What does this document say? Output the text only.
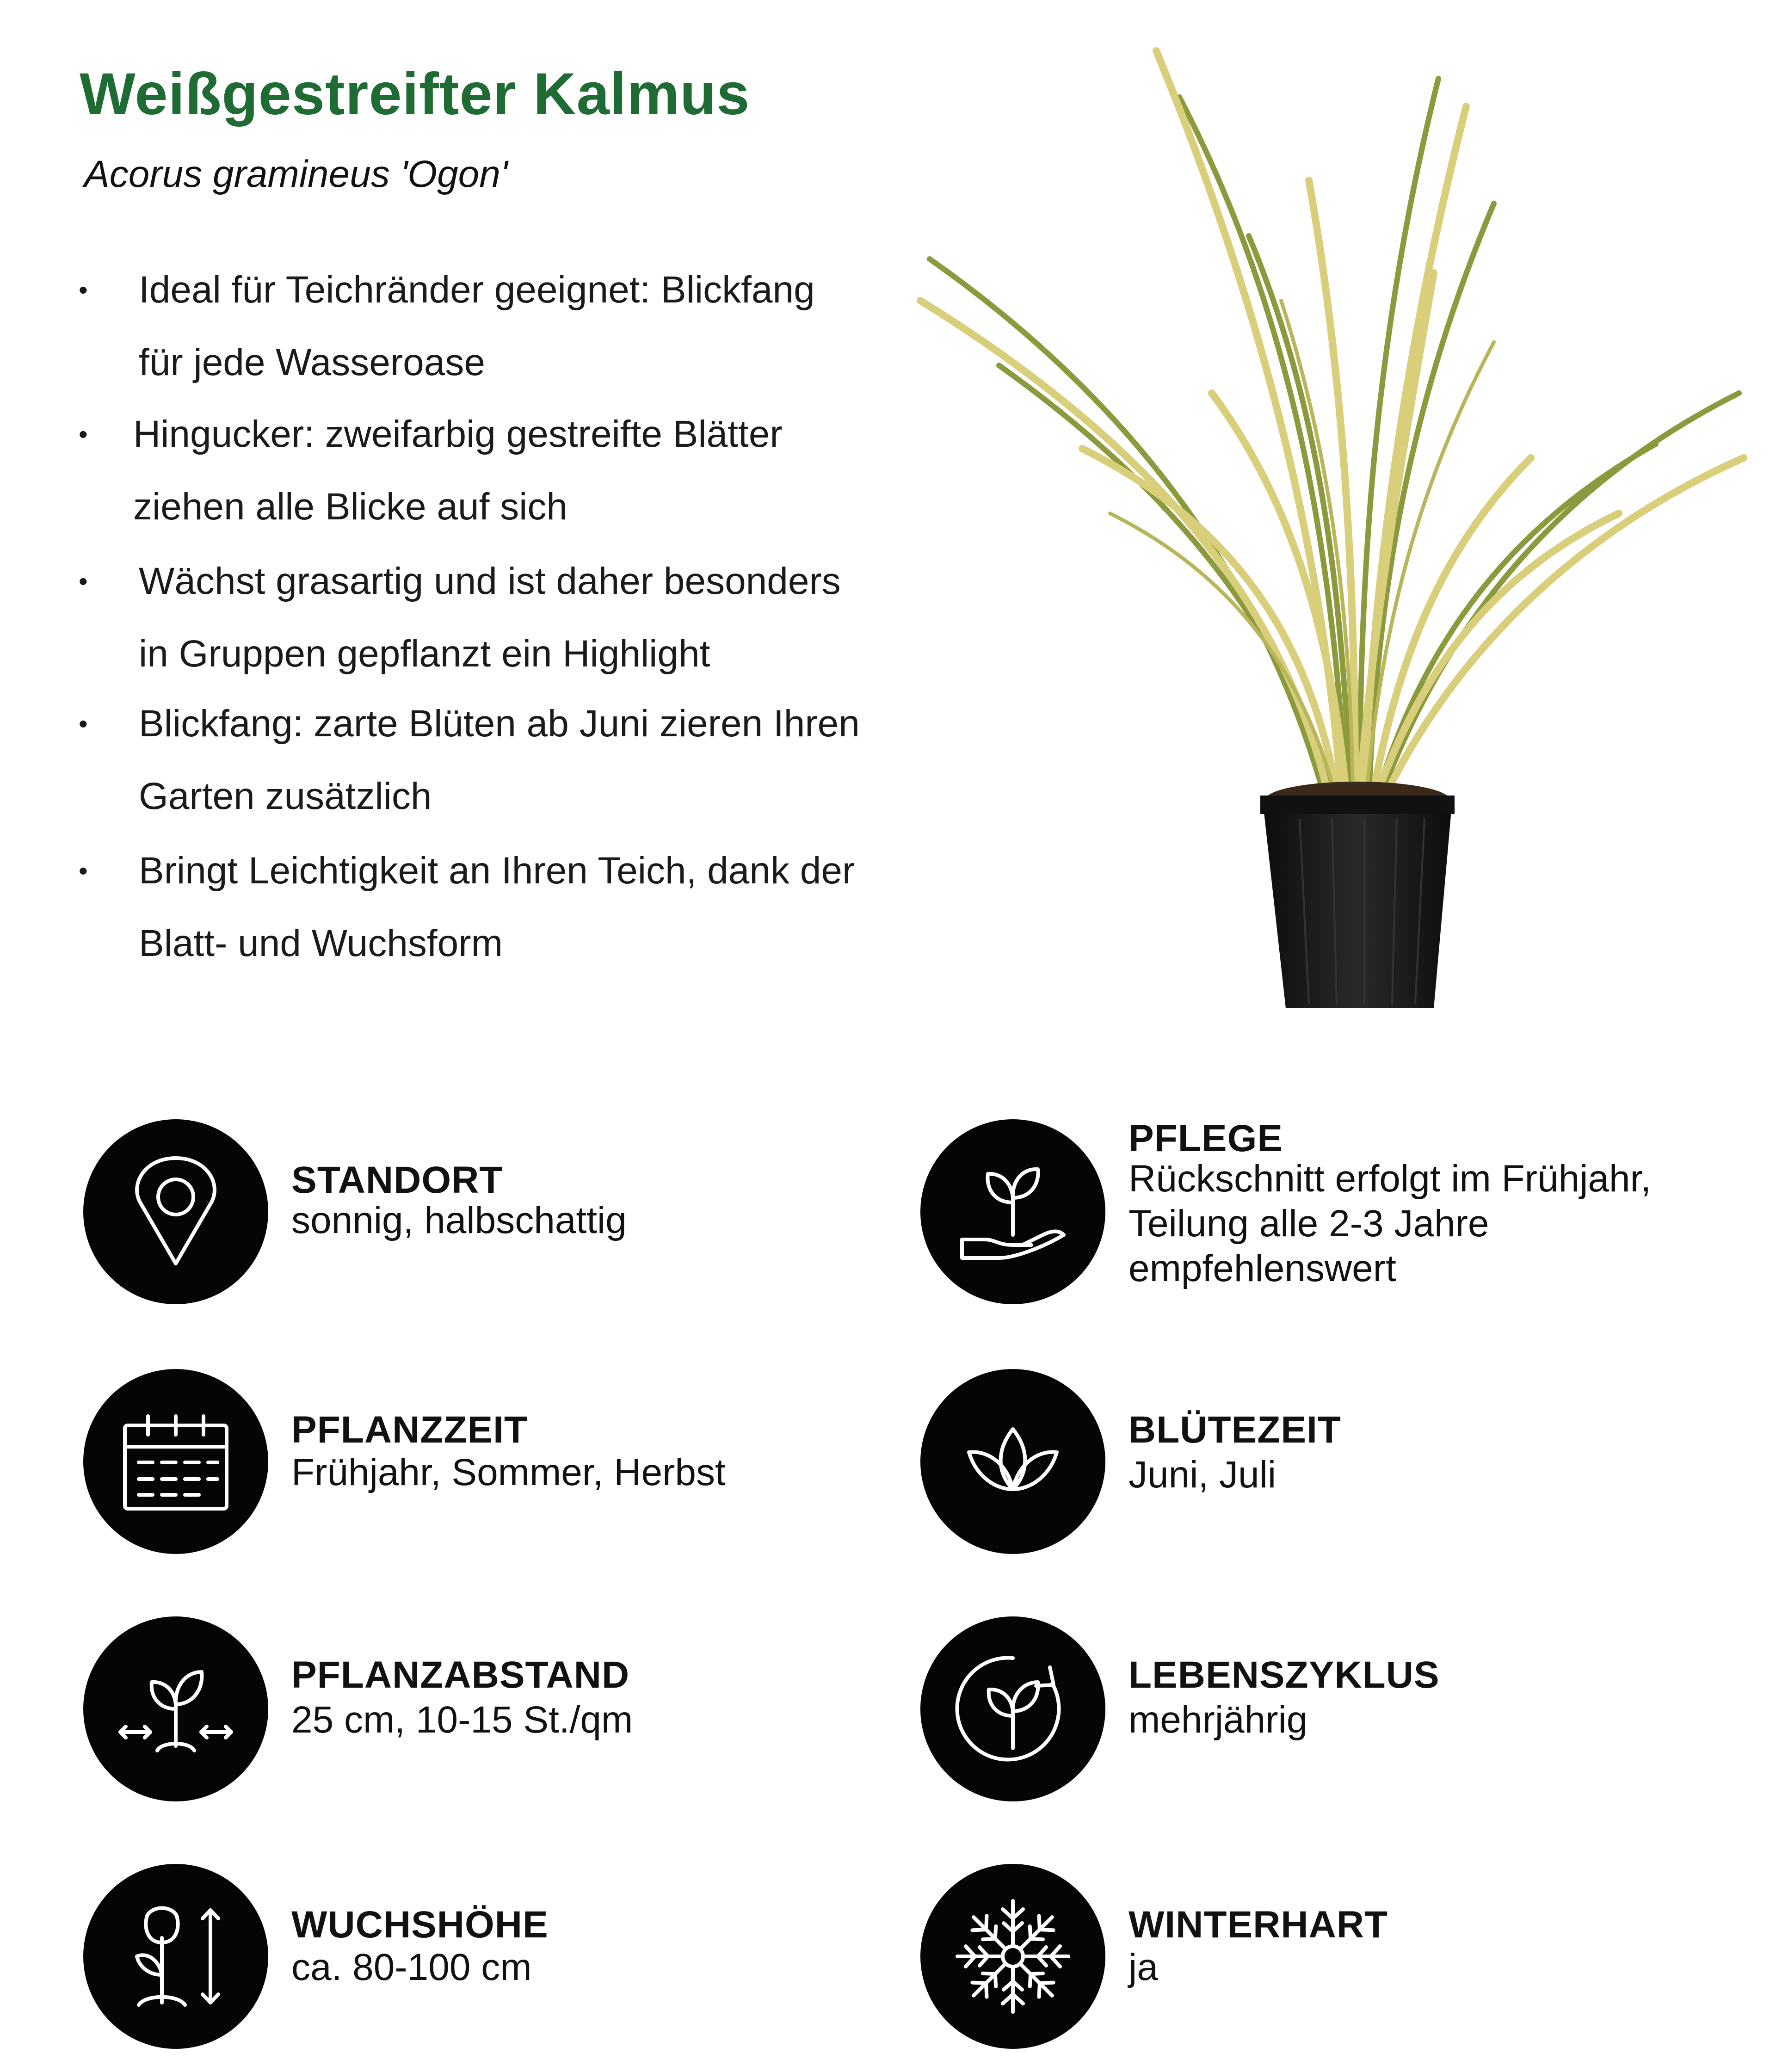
Weißgestreifter Kalmus
Acorus gramineus 'Ogon'
• Ideal für Teichränder geeignet: Blickfang
für jede Wasseroase
• Hingucker: zweifarbig gestreifte Blätter
ziehen alle Blicke auf sich
• Wächst grasartig und ist daher besonders
in Gruppen gepflanzt ein Highlight
• Blickfang: zarte Blüten ab Juni zieren Ihren
Garten zusätzlich
• Bringt Leichtigkeit an Ihren Teich, dank der
Blatt- und Wuchsform
STANDORT
sonnig, halbschattig
PFLEGE
Rückschnitt erfolgt im Frühjahr,
Teilung alle 2-3 Jahre
empfehlenswert
PFLANZZEIT
Frühjahr, Sommer, Herbst
BLÜTEZEIT
Juni, Juli
PFLANZABSTAND
25 cm, 10-15 St./qm
LEBENSZYKLUS
mehrjährig
WUCHSHÖHE
ca. 80-100 cm
WINTERHART
ja
